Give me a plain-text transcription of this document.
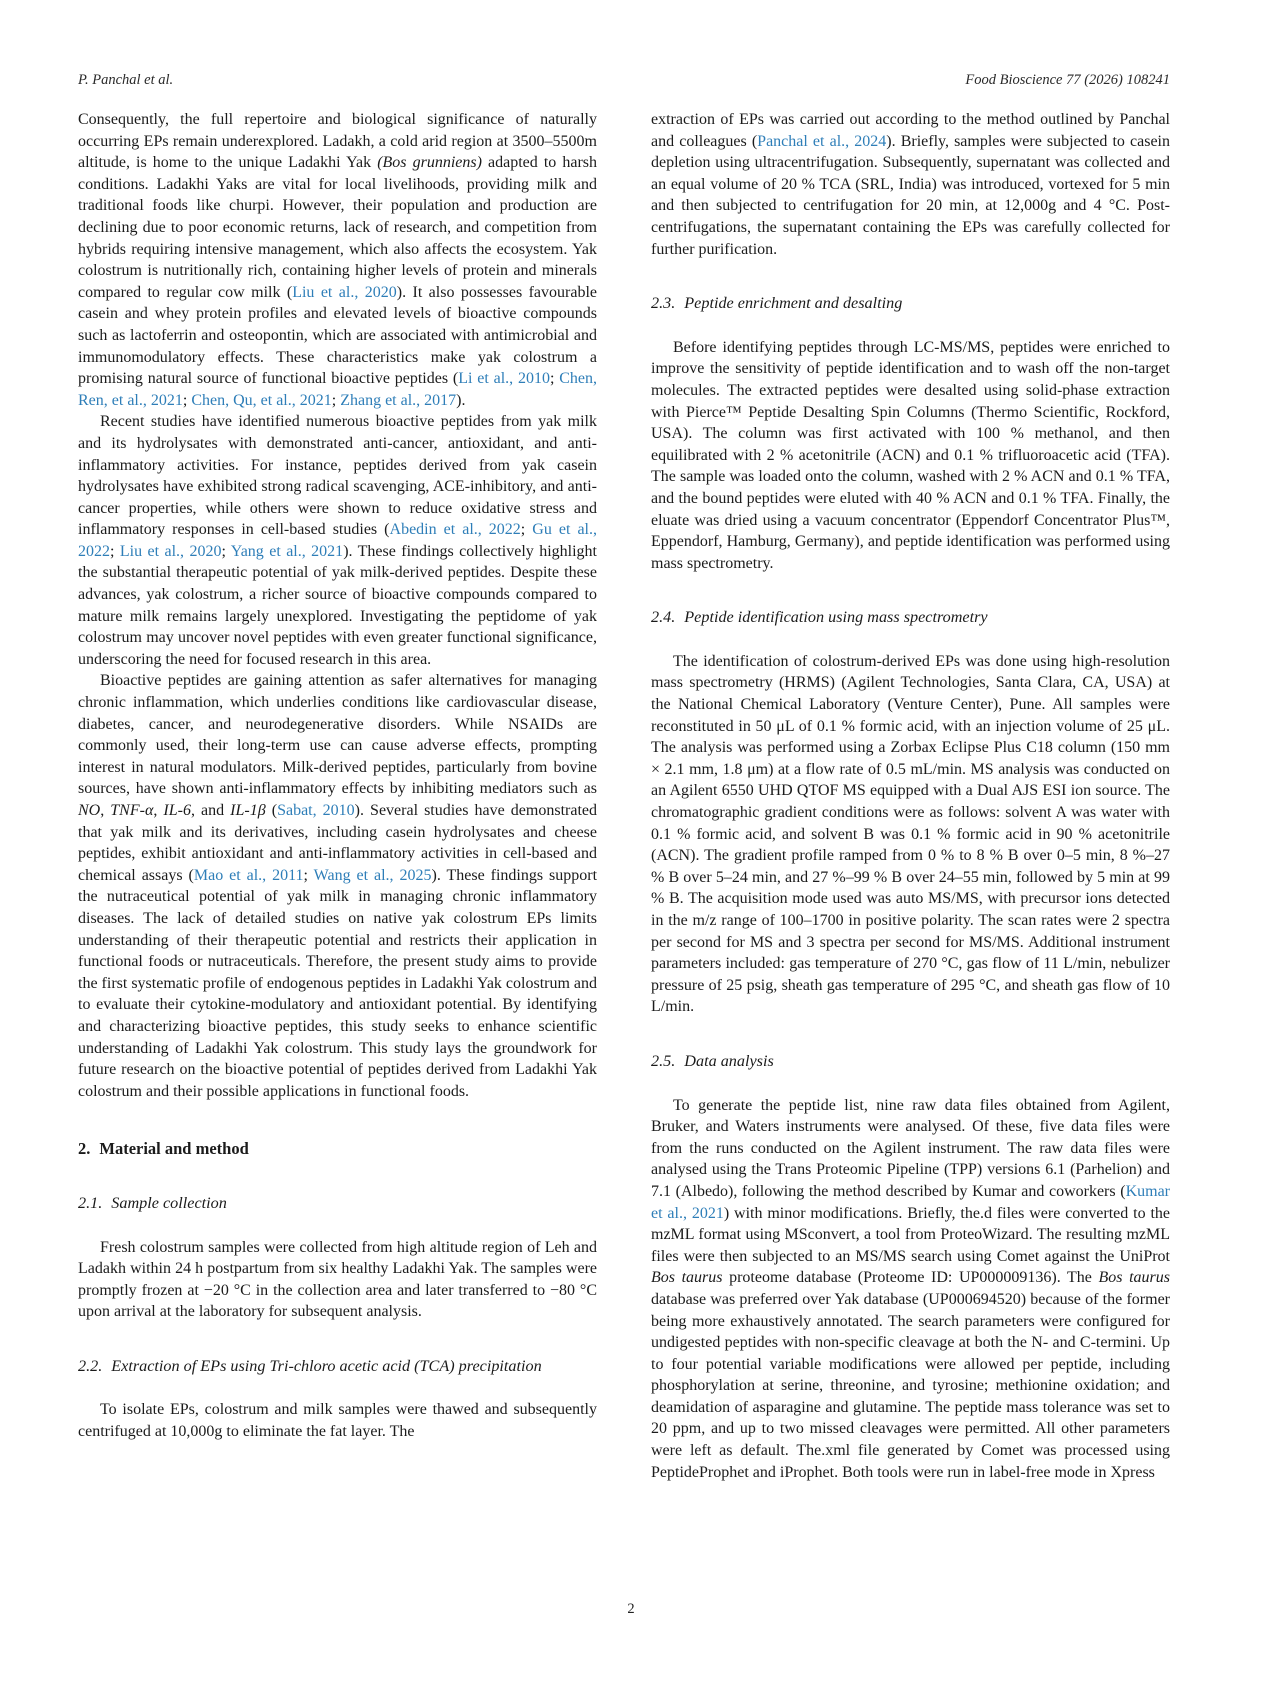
P. Panchal et al.	Food Bioscience 77 (2026) 108241
Consequently, the full repertoire and biological significance of naturally occurring EPs remain underexplored. Ladakh, a cold arid region at 3500–5500m altitude, is home to the unique Ladakhi Yak (Bos grunniens) adapted to harsh conditions. Ladakhi Yaks are vital for local livelihoods, providing milk and traditional foods like churpi. However, their population and production are declining due to poor economic returns, lack of research, and competition from hybrids requiring intensive management, which also affects the ecosystem. Yak colostrum is nutritionally rich, containing higher levels of protein and minerals compared to regular cow milk (Liu et al., 2020). It also possesses favourable casein and whey protein profiles and elevated levels of bioactive compounds such as lactoferrin and osteopontin, which are associated with antimicrobial and immunomodulatory effects. These characteristics make yak colostrum a promising natural source of functional bioactive peptides (Li et al., 2010; Chen, Ren, et al., 2021; Chen, Qu, et al., 2021; Zhang et al., 2017).
Recent studies have identified numerous bioactive peptides from yak milk and its hydrolysates with demonstrated anti-cancer, antioxidant, and anti-inflammatory activities. For instance, peptides derived from yak casein hydrolysates have exhibited strong radical scavenging, ACE-inhibitory, and anti-cancer properties, while others were shown to reduce oxidative stress and inflammatory responses in cell-based studies (Abedin et al., 2022; Gu et al., 2022; Liu et al., 2020; Yang et al., 2021). These findings collectively highlight the substantial therapeutic potential of yak milk-derived peptides. Despite these advances, yak colostrum, a richer source of bioactive compounds compared to mature milk remains largely unexplored. Investigating the peptidome of yak colostrum may uncover novel peptides with even greater functional significance, underscoring the need for focused research in this area.
Bioactive peptides are gaining attention as safer alternatives for managing chronic inflammation, which underlies conditions like cardiovascular disease, diabetes, cancer, and neurodegenerative disorders. While NSAIDs are commonly used, their long-term use can cause adverse effects, prompting interest in natural modulators. Milk-derived peptides, particularly from bovine sources, have shown anti-inflammatory effects by inhibiting mediators such as NO, TNF-α, IL-6, and IL-1β (Sabat, 2010). Several studies have demonstrated that yak milk and its derivatives, including casein hydrolysates and cheese peptides, exhibit antioxidant and anti-inflammatory activities in cell-based and chemical assays (Mao et al., 2011; Wang et al., 2025). These findings support the nutraceutical potential of yak milk in managing chronic inflammatory diseases. The lack of detailed studies on native yak colostrum EPs limits understanding of their therapeutic potential and restricts their application in functional foods or nutraceuticals. Therefore, the present study aims to provide the first systematic profile of endogenous peptides in Ladakhi Yak colostrum and to evaluate their cytokine-modulatory and antioxidant potential. By identifying and characterizing bioactive peptides, this study seeks to enhance scientific understanding of Ladakhi Yak colostrum. This study lays the groundwork for future research on the bioactive potential of peptides derived from Ladakhi Yak colostrum and their possible applications in functional foods.
2. Material and method
2.1. Sample collection
Fresh colostrum samples were collected from high altitude region of Leh and Ladakh within 24 h postpartum from six healthy Ladakhi Yak. The samples were promptly frozen at −20 °C in the collection area and later transferred to −80 °C upon arrival at the laboratory for subsequent analysis.
2.2. Extraction of EPs using Tri-chloro acetic acid (TCA) precipitation
To isolate EPs, colostrum and milk samples were thawed and subsequently centrifuged at 10,000g to eliminate the fat layer. The
extraction of EPs was carried out according to the method outlined by Panchal and colleagues (Panchal et al., 2024). Briefly, samples were subjected to casein depletion using ultracentrifugation. Subsequently, supernatant was collected and an equal volume of 20 % TCA (SRL, India) was introduced, vortexed for 5 min and then subjected to centrifugation for 20 min, at 12,000g and 4 °C. Post-centrifugations, the supernatant containing the EPs was carefully collected for further purification.
2.3. Peptide enrichment and desalting
Before identifying peptides through LC-MS/MS, peptides were enriched to improve the sensitivity of peptide identification and to wash off the non-target molecules. The extracted peptides were desalted using solid-phase extraction with Pierce™ Peptide Desalting Spin Columns (Thermo Scientific, Rockford, USA). The column was first activated with 100 % methanol, and then equilibrated with 2 % acetonitrile (ACN) and 0.1 % trifluoroacetic acid (TFA). The sample was loaded onto the column, washed with 2 % ACN and 0.1 % TFA, and the bound peptides were eluted with 40 % ACN and 0.1 % TFA. Finally, the eluate was dried using a vacuum concentrator (Eppendorf Concentrator Plus™, Eppendorf, Hamburg, Germany), and peptide identification was performed using mass spectrometry.
2.4. Peptide identification using mass spectrometry
The identification of colostrum-derived EPs was done using high-resolution mass spectrometry (HRMS) (Agilent Technologies, Santa Clara, CA, USA) at the National Chemical Laboratory (Venture Center), Pune. All samples were reconstituted in 50 μL of 0.1 % formic acid, with an injection volume of 25 μL. The analysis was performed using a Zorbax Eclipse Plus C18 column (150 mm × 2.1 mm, 1.8 μm) at a flow rate of 0.5 mL/min. MS analysis was conducted on an Agilent 6550 UHD QTOF MS equipped with a Dual AJS ESI ion source. The chromatographic gradient conditions were as follows: solvent A was water with 0.1 % formic acid, and solvent B was 0.1 % formic acid in 90 % acetonitrile (ACN). The gradient profile ramped from 0 % to 8 % B over 0–5 min, 8 %–27 % B over 5–24 min, and 27 %–99 % B over 24–55 min, followed by 5 min at 99 % B. The acquisition mode used was auto MS/MS, with precursor ions detected in the m/z range of 100–1700 in positive polarity. The scan rates were 2 spectra per second for MS and 3 spectra per second for MS/MS. Additional instrument parameters included: gas temperature of 270 °C, gas flow of 11 L/min, nebulizer pressure of 25 psig, sheath gas temperature of 295 °C, and sheath gas flow of 10 L/min.
2.5. Data analysis
To generate the peptide list, nine raw data files obtained from Agilent, Bruker, and Waters instruments were analysed. Of these, five data files were from the runs conducted on the Agilent instrument. The raw data files were analysed using the Trans Proteomic Pipeline (TPP) versions 6.1 (Parhelion) and 7.1 (Albedo), following the method described by Kumar and coworkers (Kumar et al., 2021) with minor modifications. Briefly, the.d files were converted to the mzML format using MSconvert, a tool from ProteoWizard. The resulting mzML files were then subjected to an MS/MS search using Comet against the UniProt Bos taurus proteome database (Proteome ID: UP000009136). The Bos taurus database was preferred over Yak database (UP000694520) because of the former being more exhaustively annotated. The search parameters were configured for undigested peptides with non-specific cleavage at both the N- and C-termini. Up to four potential variable modifications were allowed per peptide, including phosphorylation at serine, threonine, and tyrosine; methionine oxidation; and deamidation of asparagine and glutamine. The peptide mass tolerance was set to 20 ppm, and up to two missed cleavages were permitted. All other parameters were left as default. The.xml file generated by Comet was processed using PeptideProphet and iProphet. Both tools were run in label-free mode in Xpress
2
